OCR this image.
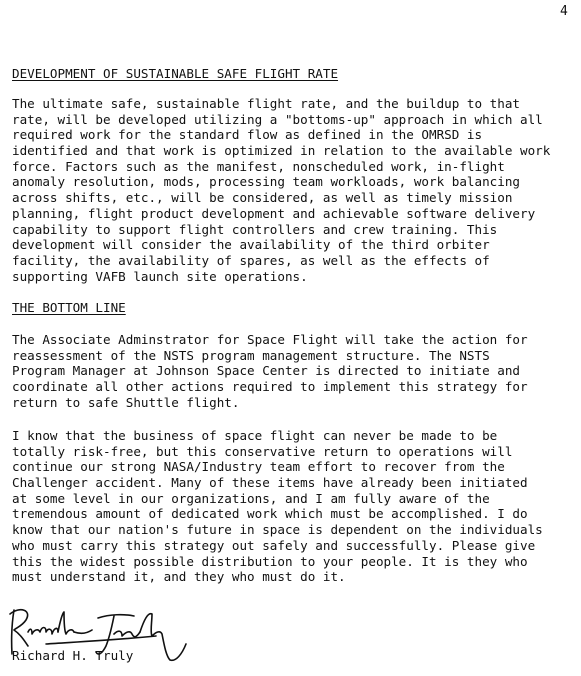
4
DEVELOPMENT OF SUSTAINABLE SAFE FLIGHT RATE
The ultimate safe, sustainable flight rate, and the buildup to that
rate, will be developed utilizing a "bottoms-up" approach in which all
required work for the standard flow as defined in the OMRSD is
identified and that work is optimized in relation to the available work
force. Factors such as the manifest, nonscheduled work, in-flight
anomaly resolution, mods, processing team workloads, work balancing
across shifts, etc., will be considered, as well as timely mission
planning, flight product development and achievable software delivery
capability to support flight controllers and crew training. This
development will consider the availability of the third orbiter
facility, the availability of spares, as well as the effects of
supporting VAFB launch site operations.
THE BOTTOM LINE
The Associate Adminstrator for Space Flight will take the action for
reassessment of the NSTS program management structure. The NSTS
Program Manager at Johnson Space Center is directed to initiate and
coordinate all other actions required to implement this strategy for
return to safe Shuttle flight.
I know that the business of space flight can never be made to be
totally risk-free, but this conservative return to operations will
continue our strong NASA/Industry team effort to recover from the
Challenger accident. Many of these items have already been initiated
at some level in our organizations, and I am fully aware of the
tremendous amount of dedicated work which must be accomplished. I do
know that our nation's future in space is dependent on the individuals
who must carry this strategy out safely and successfully. Please give
this the widest possible distribution to your people. It is they who
must understand it, and they who must do it.
Richard H. Truly
